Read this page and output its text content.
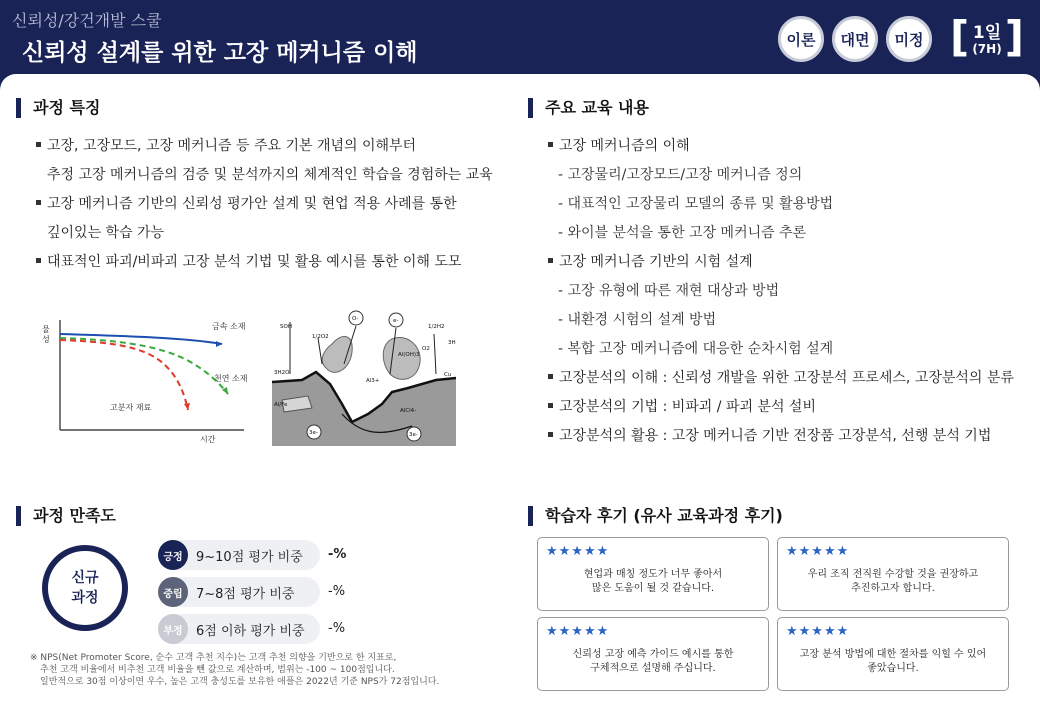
신뢰성/강건개발 스쿨
신뢰성 설계를 위한 고장 메커니즘 이해
이론	대면	미정 [ 1일
(7H) ]
과정 특징
고장, 고장모드, 고장 메커니즘 등 주요 기본 개념의 이해부터
추정 고장 메커니즘의 검증 및 분석까지의 체계적인 학습을 경험하는 교육
고장 메커니즘 기반의 신뢰성 평가안 설계 및 현업 적용 사례를 통한
깊이있는 학습 가능
대표적인 파괴/비파괴 고장 분석 기법 및 활용 예시를 통한 이해 도모
물 성
시간
금속 소재
천연 소재
고분자 재료
SOH
1/2O2
O-	e-
1/2H2
3H
O2
Al(OH)3
3H2O
Al/Fe
Al3+
AlCl4-
3e-	3e-
Cu
주요 교육 내용
고장 메커니즘의 이해
- 고장물리/고장모드/고장 메커니즘 정의
- 대표적인 고장물리 모델의 종류 및 활용방법
- 와이블 분석을 통한 고장 메커니즘 추론
고장 메커니즘 기반의 시험 설계
- 고장 유형에 따른 재현 대상과 방법
- 내환경 시험의 설계 방법
- 복합 고장 메커니즘에 대응한 순차시험 설계
고장분석의 이해 : 신뢰성 개발을 위한 고장분석 프로세스, 고장분석의 분류
고장분석의 기법 : 비파괴 / 파괴 분석 설비
고장분석의 활용 : 고장 메커니즘 기반 전장품 고장분석, 선행 분석 기법
과정 만족도
신규
과정
긍정	9~10점 평가 비중 -%
중립	7~8점 평가 비중	-%
부정	6점 이하 평가 비중 -%
※ NPS(Net Promoter Score, 순수 고객 추천 지수)는 고객 추천 의향을 기반으로 한 지표로,
추천 고객 비율에서 비추천 고객 비율을 뺀 값으로 계산하며, 범위는 -100 ~ 100점입니다.
일반적으로 30점 이상이면 우수, 높은 고객 충성도를 보유한 애플은 2022년 기준 NPS가 72점입니다.
학습자 후기 (유사 교육과정 후기)
★★★★★
현업과 매칭 정도가 너무 좋아서
많은 도움이 될 것 같습니다.
★★★★★
우리 조직 전직원 수강할 것을 권장하고
추진하고자 합니다.
★★★★★
신뢰성 고장 예측 가이드 예시를 통한
구체적으로 설명해 주십니다.
★★★★★
고장 분석 방법에 대한 절차를 익힐 수 있어
좋았습니다.
